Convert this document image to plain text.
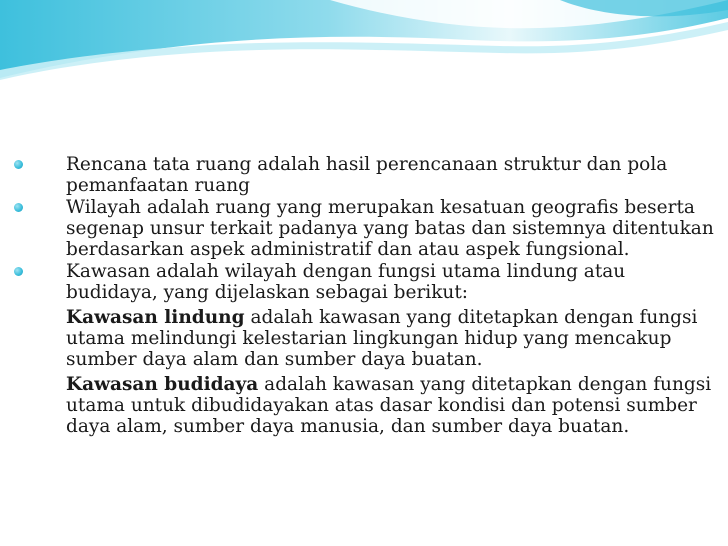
Rencana tata ruang adalah hasil perencanaan struktur dan pola pemanfaatan ruang
Wilayah adalah ruang yang merupakan kesatuan geografis beserta segenap unsur terkait padanya yang batas dan sistemnya ditentukan berdasarkan aspek administratif dan atau aspek fungsional.
Kawasan adalah wilayah dengan fungsi utama lindung atau budidaya, yang dijelaskan sebagai berikut:
Kawasan lindung adalah kawasan yang ditetapkan dengan fungsi utama melindungi kelestarian lingkungan hidup yang mencakup sumber daya alam dan sumber daya buatan.
Kawasan budidaya adalah kawasan yang ditetapkan dengan fungsi utama untuk dibudidayakan atas dasar kondisi dan potensi sumber daya alam, sumber daya manusia, dan sumber daya buatan.
